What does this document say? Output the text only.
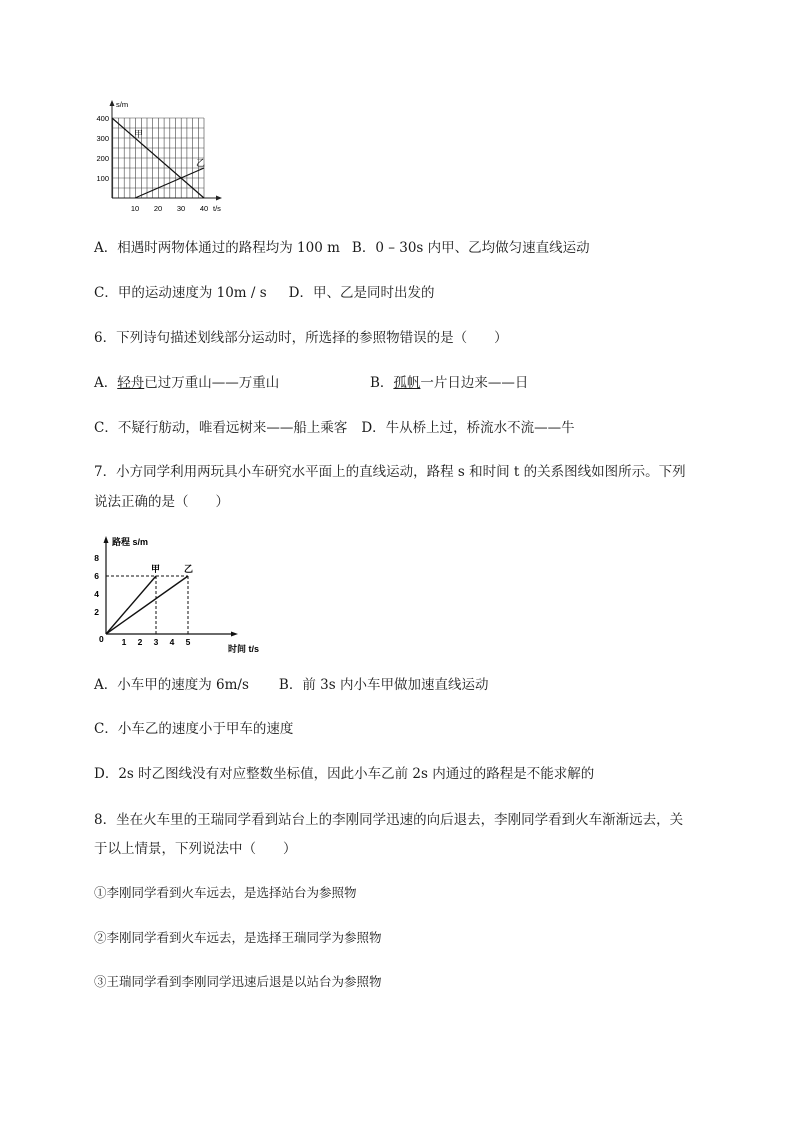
s/m
t/s
400
300
200
100
10 20 30 40
甲
乙
A．相遇时两物体通过的路程均为 100 m B．0 – 30s 内甲、乙均做匀速直线运动
C．甲的运动速度为 10m / s D．甲、乙是同时出发的
6．下列诗句描述划线部分运动时，所选择的参照物错误的是（　　）
A．轻舟已过万重山——万重山	B．孤帆一片日边来——日
C．不疑行舫动，唯看远树来——船上乘客 D．牛从桥上过，桥流水不流——牛
7．小方同学利用两玩具小车研究水平面上的直线运动，路程 s 和时间 t 的关系图线如图所示。下列
说法正确的是（　　）
路程 s/m
时间 t/s
0
8
6
4
2
1 2 3 4 5
甲	乙
A．小车甲的速度为 6m/s B．前 3s 内小车甲做加速直线运动
C．小车乙的速度小于甲车的速度
D．2s 时乙图线没有对应整数坐标值，因此小车乙前 2s 内通过的路程是不能求解的
8．坐在火车里的王瑞同学看到站台上的李刚同学迅速的向后退去，李刚同学看到火车渐渐远去，关
于以上情景，下列说法中（　　）
①李刚同学看到火车远去，是选择站台为参照物
②李刚同学看到火车远去，是选择王瑞同学为参照物
③王瑞同学看到李刚同学迅速后退是以站台为参照物
